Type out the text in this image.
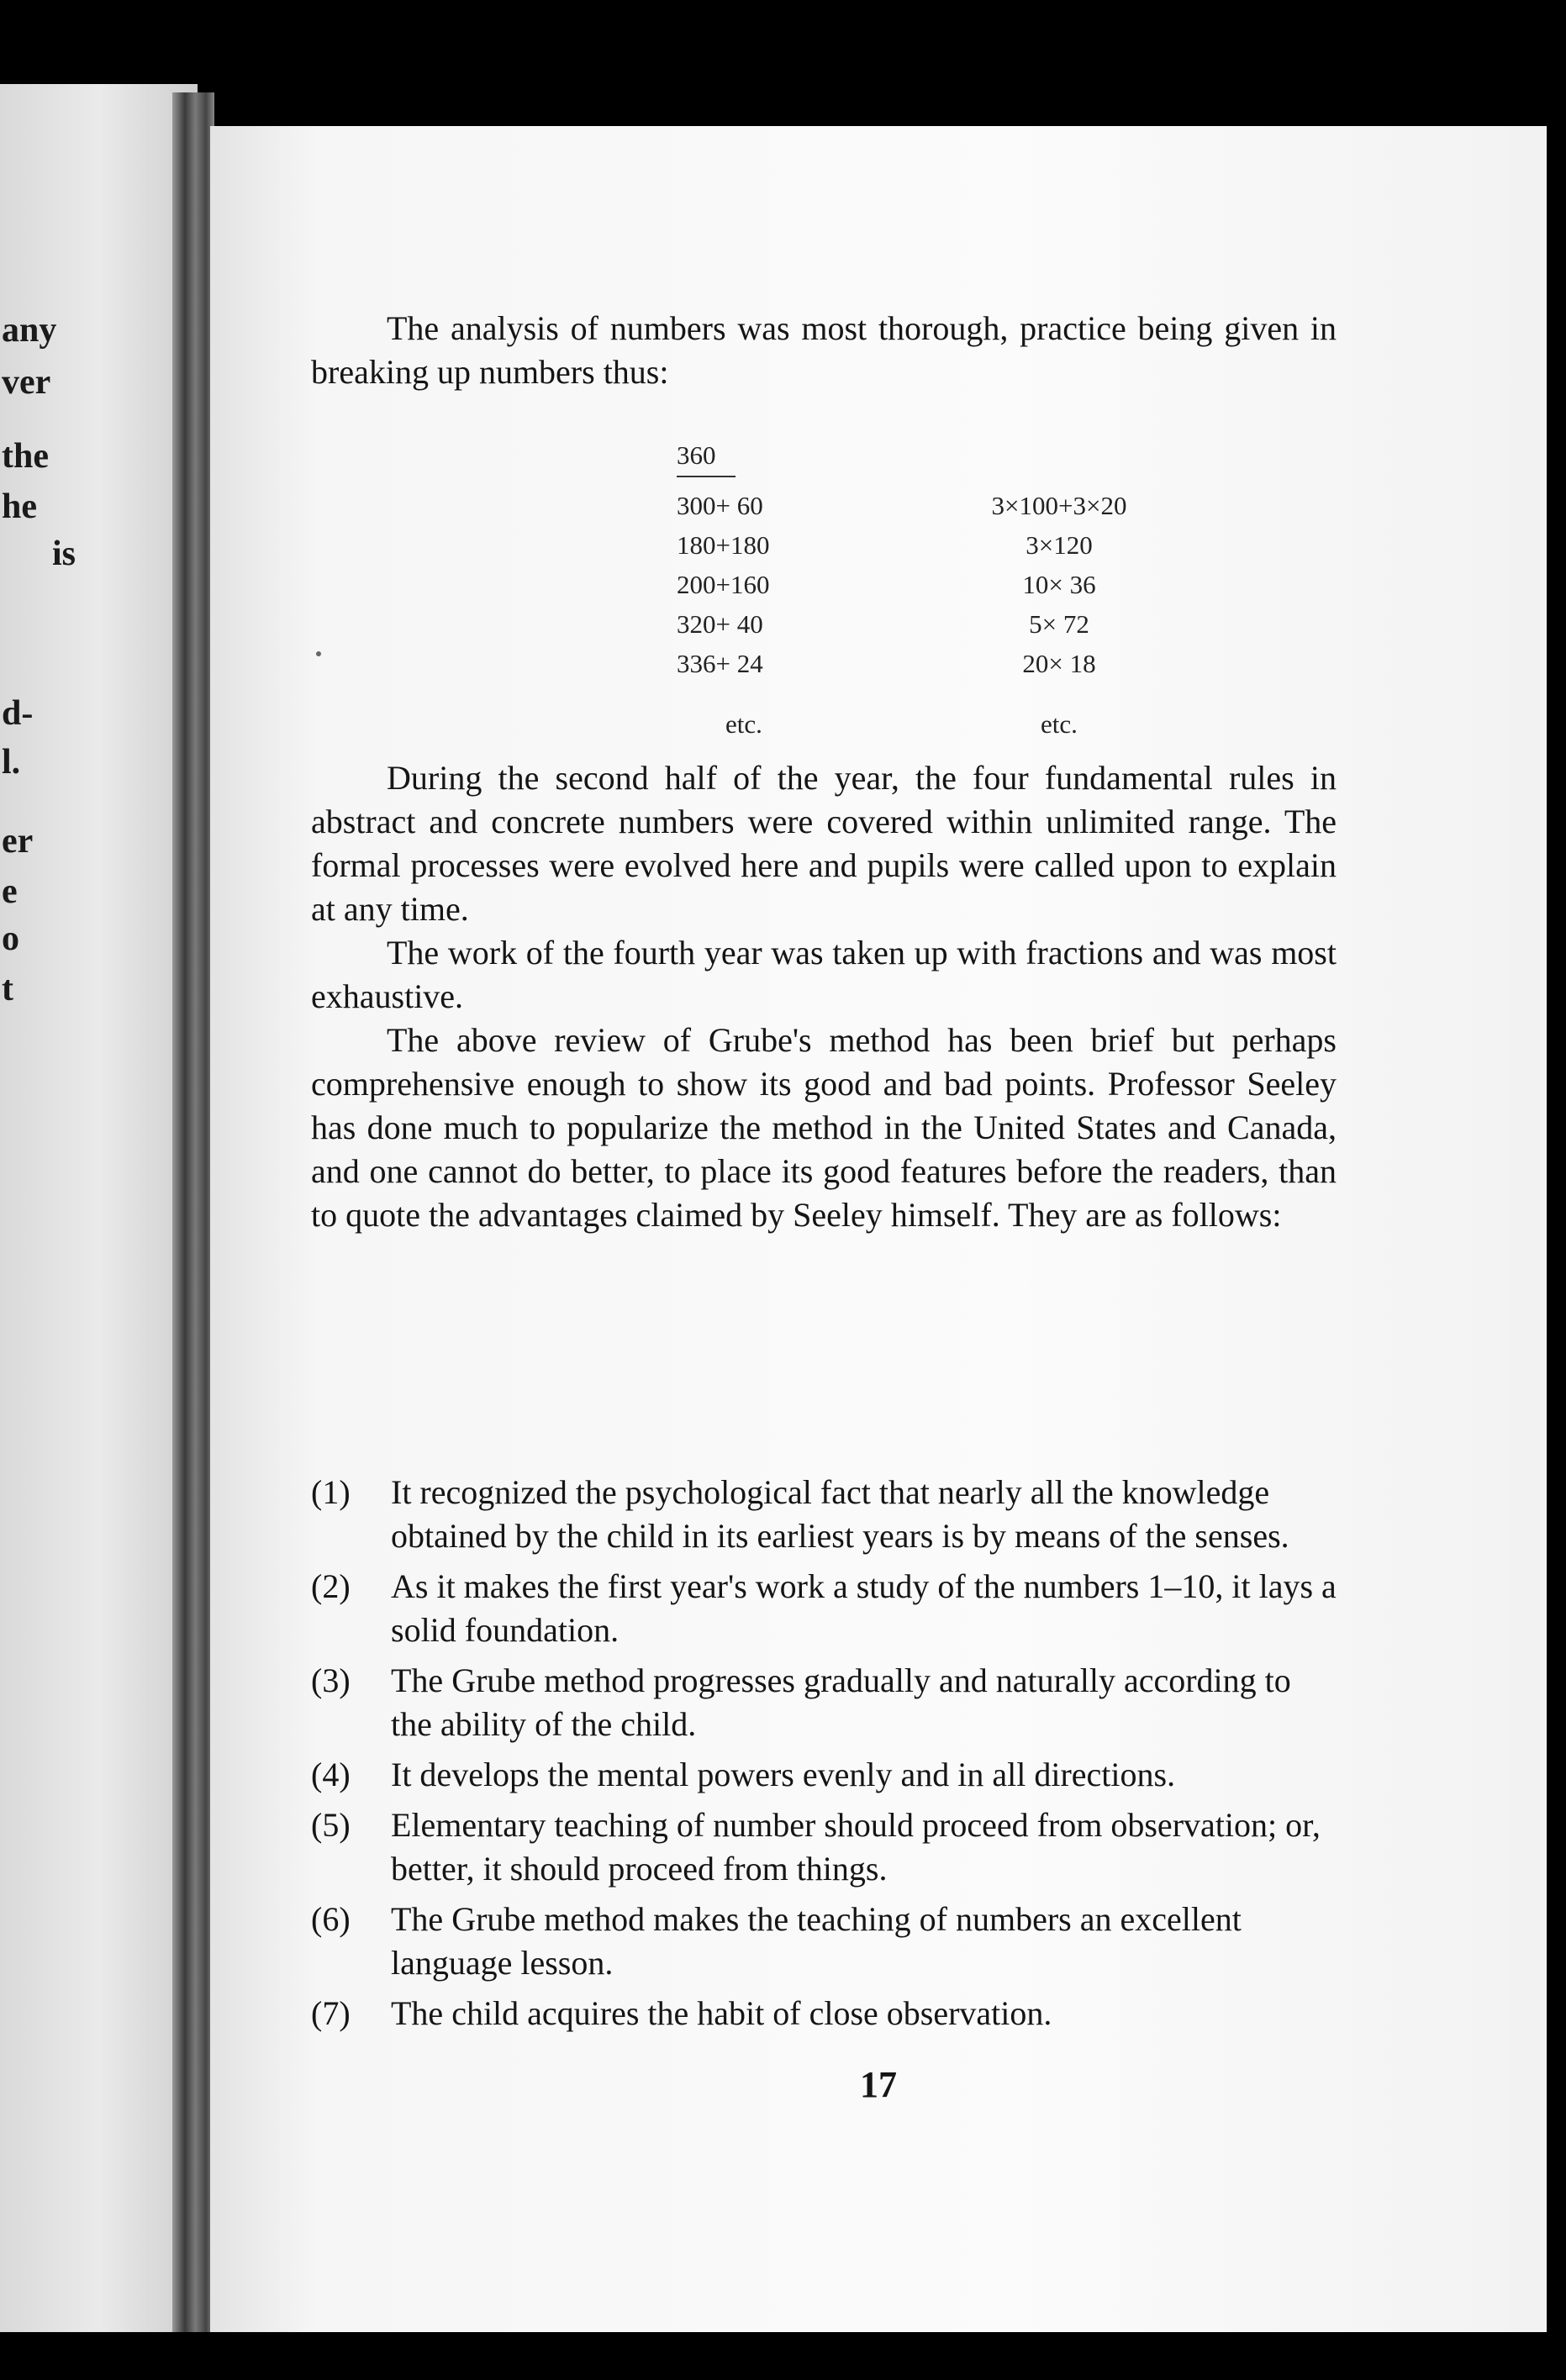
any

ver

the

he

is

d-

l.

er

e

o

t

The analysis of numbers was most thorough, practice being given in breaking up numbers thus:

360
300+ 60	3×100+3×20
180+180	3×120
200+160	10× 36
320+ 40	5× 72
336+ 24	20× 18
etc.	etc.

During the second half of the year, the four fundamental rules in abstract and concrete numbers were covered within unlimited range. The formal processes were evolved here and pupils were called upon to explain at any time.

The work of the fourth year was taken up with fractions and was most exhaustive.

The above review of Grube's method has been brief but perhaps comprehensive enough to show its good and bad points. Professor Seeley has done much to popularize the method in the United States and Canada, and one cannot do better, to place its good features before the readers, than to quote the advantages claimed by Seeley himself. They are as follows:

(1) It recognized the psychological fact that nearly all the knowledge obtained by the child in its earliest years is by means of the senses.
(2) As it makes the first year's work a study of the numbers 1–10, it lays a solid foundation.
(3) The Grube method progresses gradually and naturally according to the ability of the child.
(4) It develops the mental powers evenly and in all directions.
(5) Elementary teaching of number should proceed from observation; or, better, it should proceed from things.
(6) The Grube method makes the teaching of numbers an excellent language lesson.
(7) The child acquires the habit of close observation.
17
